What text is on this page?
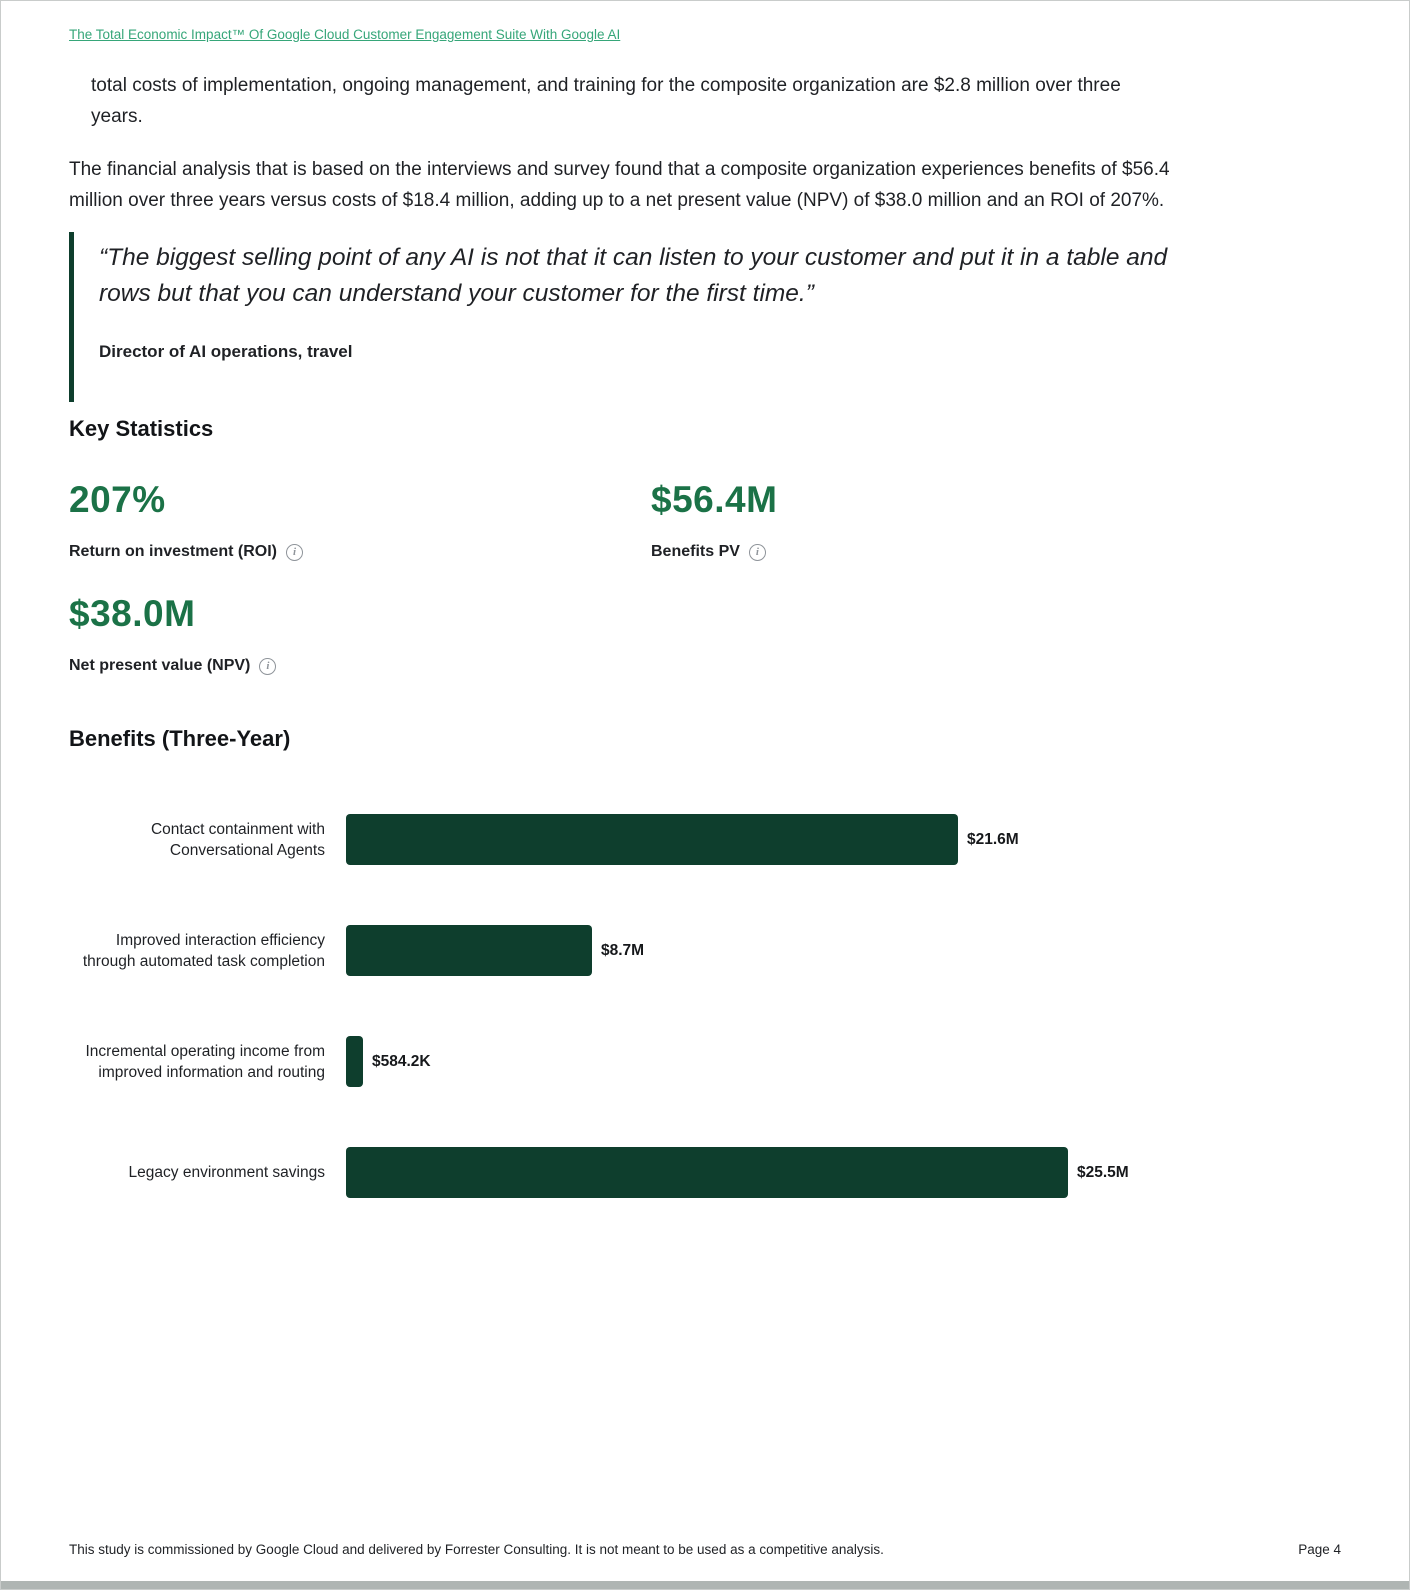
The Total Economic Impact™ Of Google Cloud Customer Engagement Suite With Google AI

total costs of implementation, ongoing management, and training for the composite organization are $2.8 million over three years.

The financial analysis that is based on the interviews and survey found that a composite organization experiences benefits of $56.4 million over three years versus costs of $18.4 million, adding up to a net present value (NPV) of $38.0 million and an ROI of 207%.

“The biggest selling point of any AI is not that it can listen to your customer and put it in a table and rows but that you can understand your customer for the first time.”
Director of AI operations, travel
Key Statistics
207%
Return on investment (ROI)	i
$56.4M
Benefits PV	i
$38.0M
Net present value (NPV)	i
Benefits (Three-Year)
Contact containment with Conversational Agents
$21.6M
Improved interaction efficiency through automated task completion
$8.7M
Incremental operating income from improved information and routing
$584.2K
Legacy environment savings	$25.5M
This study is commissioned by Google Cloud and delivered by Forrester Consulting. It is not meant to be used as a competitive analysis.	Page 4
